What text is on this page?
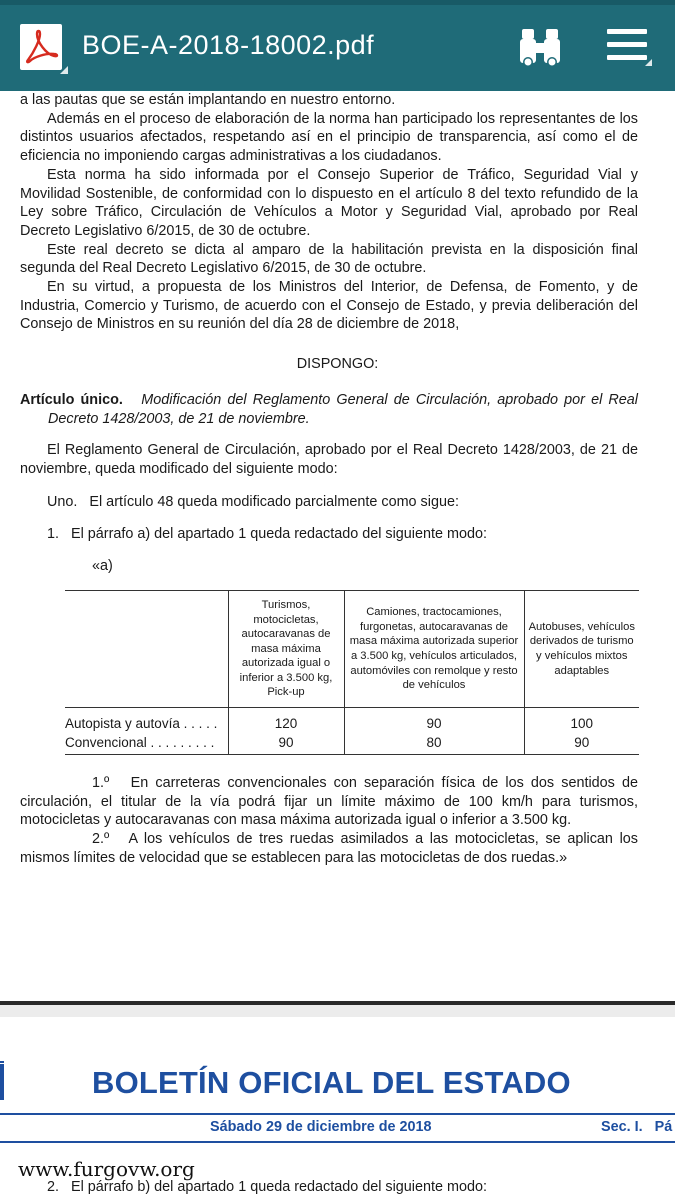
BOE-A-2018-18002.pdf
a las pautas que se están implantando en nuestro entorno.
Además en el proceso de elaboración de la norma han participado los representantes de los distintos usuarios afectados, respetando así en el principio de transparencia, así como el de eficiencia no imponiendo cargas administrativas a los ciudadanos.
Esta norma ha sido informada por el Consejo Superior de Tráfico, Seguridad Vial y Movilidad Sostenible, de conformidad con lo dispuesto en el artículo 8 del texto refundido de la Ley sobre Tráfico, Circulación de Vehículos a Motor y Seguridad Vial, aprobado por Real Decreto Legislativo 6/2015, de 30 de octubre.
Este real decreto se dicta al amparo de la habilitación prevista en la disposición final segunda del Real Decreto Legislativo 6/2015, de 30 de octubre.
En su virtud, a propuesta de los Ministros del Interior, de Defensa, de Fomento, y de Industria, Comercio y Turismo, de acuerdo con el Consejo de Estado, y previa deliberación del Consejo de Ministros en su reunión del día 28 de diciembre de 2018,
DISPONGO:
Artículo único. Modificación del Reglamento General de Circulación, aprobado por el Real Decreto 1428/2003, de 21 de noviembre.
El Reglamento General de Circulación, aprobado por el Real Decreto 1428/2003, de 21 de noviembre, queda modificado del siguiente modo:
Uno.   El artículo 48 queda modificado parcialmente como sigue:
1.   El párrafo a) del apartado 1 queda redactado del siguiente modo:
«a)
	Turismos, motocicletas, autocaravanas de masa máxima autorizada igual o inferior a 3.500 kg, Pick-up	Camiones, tractocamiones, furgonetas, autocaravanas de masa máxima autorizada superior a 3.500 kg, vehículos articulados, automóviles con remolque y resto de vehículos	Autobuses, vehículos derivados de turismo y vehículos mixtos adaptables
Autopista y autovía . . . . .	120	90	100
Convencional . . . . . . . . .	90	80	90
1.º   En carreteras convencionales con separación física de los dos sentidos de circulación, el titular de la vía podrá fijar un límite máximo de 100 km/h para turismos, motocicletas y autocaravanas con masa máxima autorizada igual o inferior a 3.500 kg.
2.º   A los vehículos de tres ruedas asimilados a las motocicletas, se aplican los mismos límites de velocidad que se establecen para las motocicletas de dos ruedas.»
BOLETÍN OFICIAL DEL ESTADO
Sábado 29 de diciembre de 2018	Sec. I.   Pá
www.furgovw.org
2.   El párrafo b) del apartado 1 queda redactado del siguiente modo:
